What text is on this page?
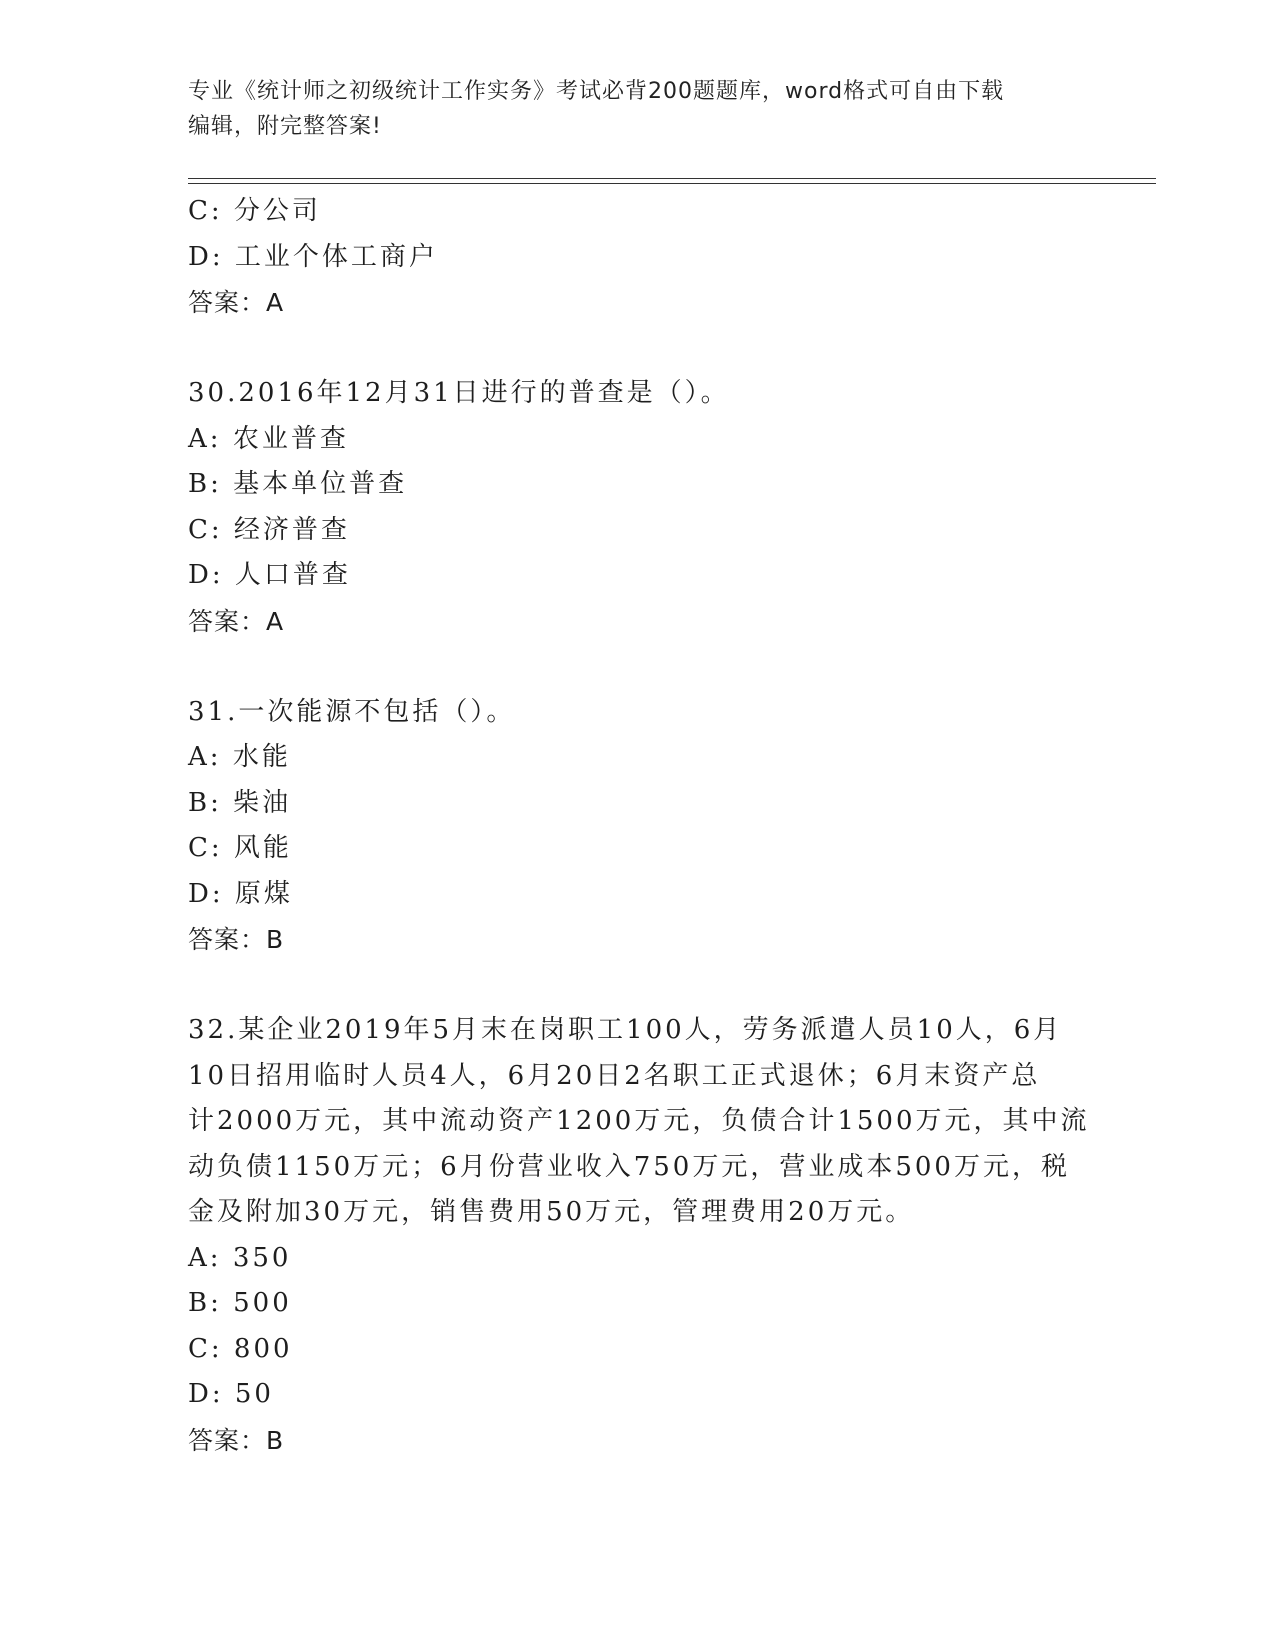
专业《统计师之初级统计工作实务》考试必背200题题库，word格式可自由下载
编辑，附完整答案!
C: 分公司
D: 工业个体工商户
答案：A
30.2016年12月31日进行的普查是（）。
A: 农业普查
B: 基本单位普查
C: 经济普查
D: 人口普查
答案：A
31.一次能源不包括（）。
A: 水能
B: 柴油
C: 风能
D: 原煤
答案：B
32.某企业2019年5月末在岗职工100人，劳务派遣人员10人，6月
10日招用临时人员4人，6月20日2名职工正式退休；6月末资产总
计2000万元，其中流动资产1200万元，负债合计1500万元，其中流
动负债1150万元；6月份营业收入750万元，营业成本500万元，税
金及附加30万元，销售费用50万元，管理费用20万元。
A: 350
B: 500
C: 800
D: 50
答案：B
